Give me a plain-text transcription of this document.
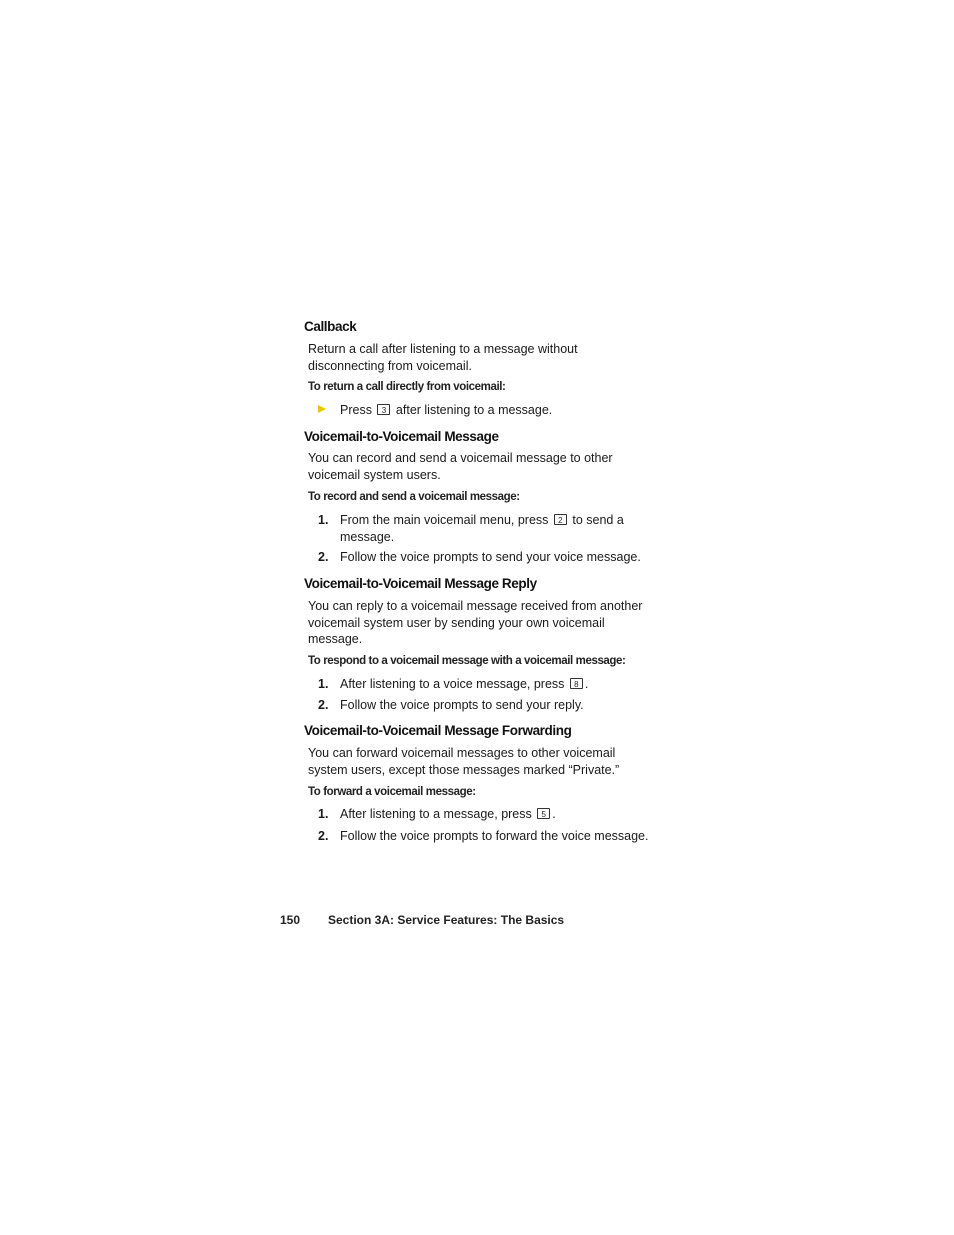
Callback
Return a call after listening to a message without
disconnecting from voicemail.
To return a call directly from voicemail:
Press 3 after listening to a message.
Voicemail-to-Voicemail Message
You can record and send a voicemail message to other
voicemail system users.
To record and send a voicemail message:
1. From the main voicemail menu, press 2 to send a
message.
2. Follow the voice prompts to send your voice message.
Voicemail-to-Voicemail Message Reply
You can reply to a voicemail message received from another
voicemail system user by sending your own voicemail
message.
To respond to a voicemail message with a voicemail message:
1. After listening to a voice message, press 8 .
2. Follow the voice prompts to send your reply.
Voicemail-to-Voicemail Message Forwarding
You can forward voicemail messages to other voicemail
system users, except those messages marked “Private.”
To forward a voicemail message:
1. After listening to a message, press 5 .
2. Follow the voice prompts to forward the voice message.
150 Section 3A: Service Features: The Basics
